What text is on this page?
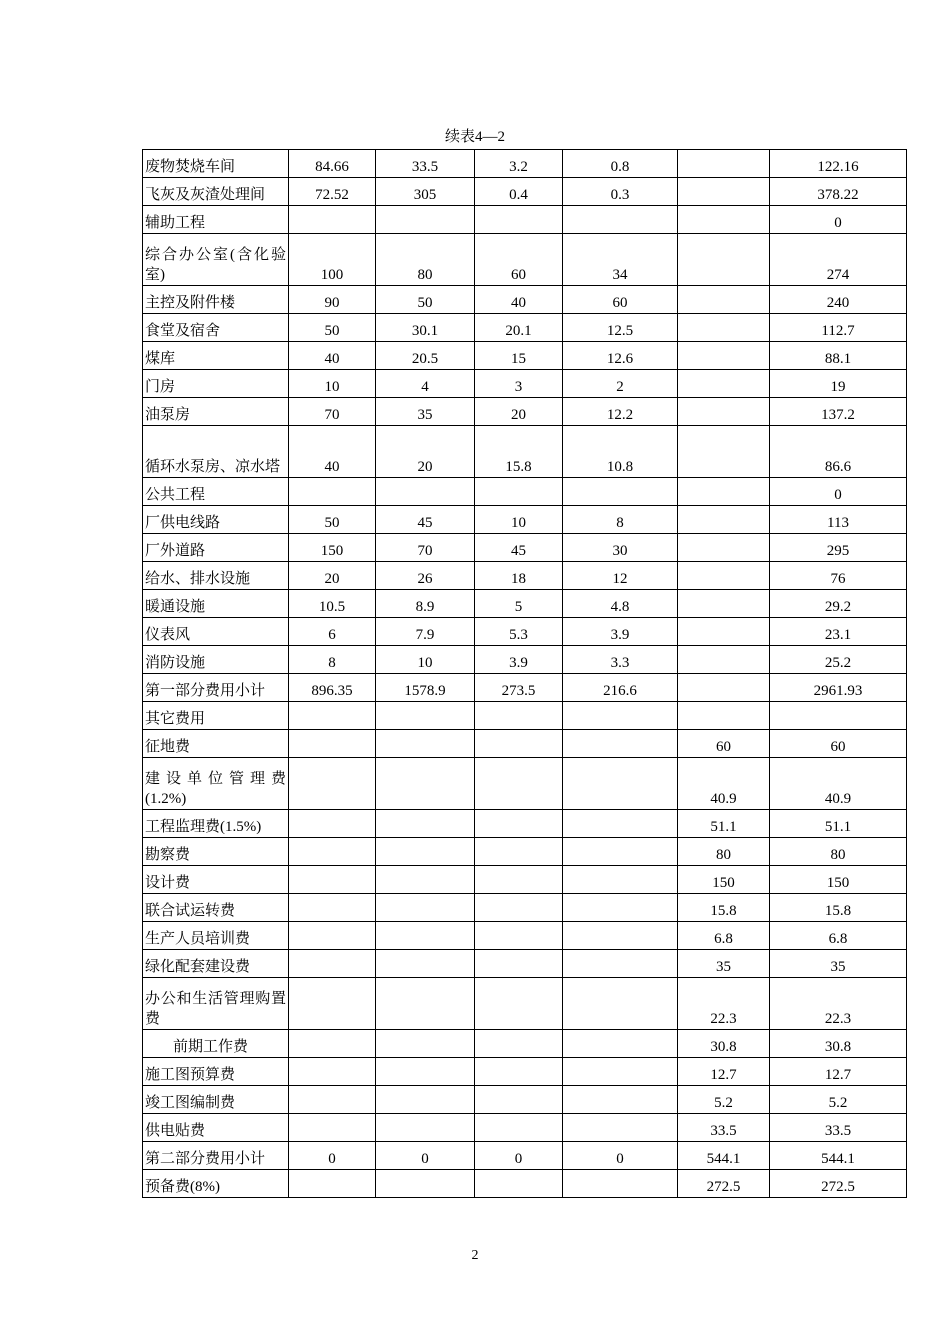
续表4—2
废物焚烧车间	84.66	33.5	3.2	0.8		122.16
飞灰及灰渣处理间	72.52	305	0.4	0.3		378.22
辅助工程						0
综合办公室(含化验室)	100	80	60	34		274
主控及附件楼	90	50	40	60		240
食堂及宿舍	50	30.1	20.1	12.5		112.7
煤库	40	20.5	15	12.6		88.1
门房	10	4	3	2		19
油泵房	70	35	20	12.2		137.2
循环水泵房、凉水塔	40	20	15.8	10.8		86.6
公共工程						0
厂供电线路	50	45	10	8		113
厂外道路	150	70	45	30		295
给水、排水设施	20	26	18	12		76
暖通设施	10.5	8.9	5	4.8		29.2
仪表风	6	7.9	5.3	3.9		23.1
消防设施	8	10	3.9	3.3		25.2
第一部分费用小计	896.35	1578.9	273.5	216.6		2961.93
其它费用						
征地费					60	60
建设单位管理费(1.2%)					40.9	40.9
工程监理费(1.5%)					51.1	51.1
勘察费					80	80
设计费					150	150
联合试运转费					15.8	15.8
生产人员培训费					6.8	6.8
绿化配套建设费					35	35
办公和生活管理购置费					22.3	22.3
前期工作费					30.8	30.8
施工图预算费					12.7	12.7
竣工图编制费					5.2	5.2
供电贴费					33.5	33.5
第二部分费用小计	0	0	0	0	544.1	544.1
预备费(8%)					272.5	272.5
2
